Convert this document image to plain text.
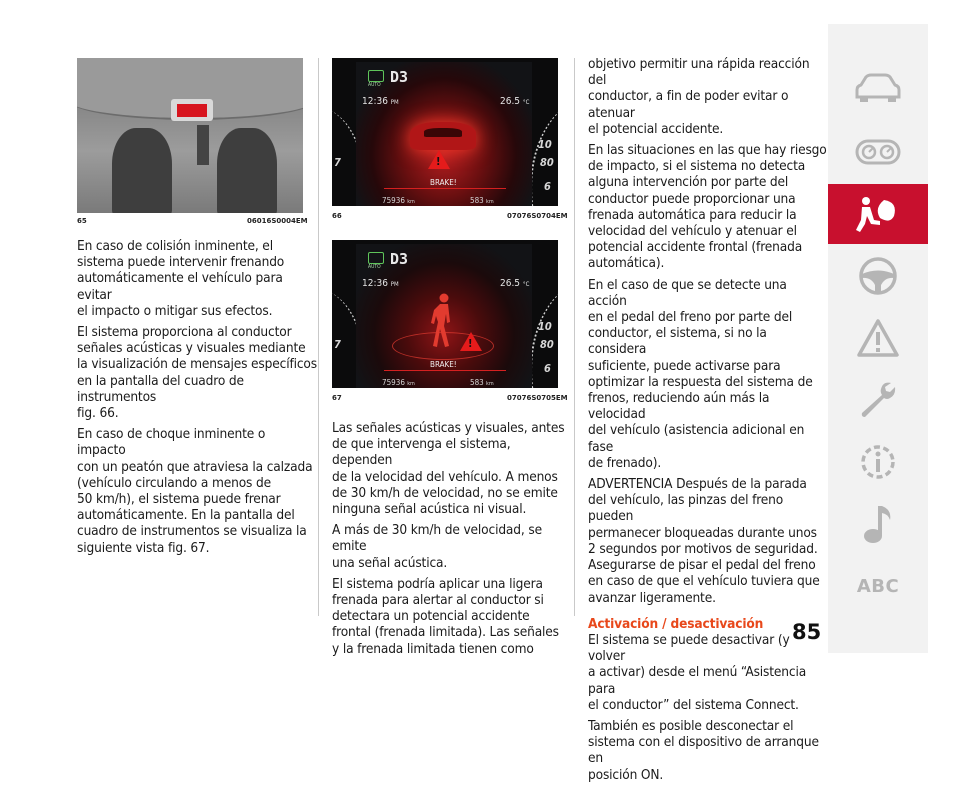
65	06016S0004EM

En caso de colisión inminente, el
sistema puede intervenir frenando
automáticamente el vehículo para evitar
el impacto o mitigar sus efectos.

El sistema proporciona al conductor
señales acústicas y visuales mediante
la visualización de mensajes específicos
en la pantalla del cuadro de instrumentos
fig. 66.

En caso de choque inminente o impacto
con un peatón que atraviesa la calzada
(vehículo circulando a menos de
50 km/h), el sistema puede frenar
automáticamente. En la pantalla del
cuadro de instrumentos se visualiza la
siguiente vista fig. 67.

AUTO D3
12:36 PM	26.5 °C
!
BRAKE!
75936 km	583 km
7
10
80
6
66	07076S0704EM
AUTO D3
12:36 PM	26.5 °C
!
BRAKE!
75936 km	583 km
7
10
80
6
67	07076S0705EM

Las señales acústicas y visuales, antes
de que intervenga el sistema, dependen
de la velocidad del vehículo. A menos
de 30 km/h de velocidad, no se emite
ninguna señal acústica ni visual.

A más de 30 km/h de velocidad, se emite
una señal acústica.

El sistema podría aplicar una ligera
frenada para alertar al conductor si
detectara un potencial accidente
frontal (frenada limitada). Las señales
y la frenada limitada tienen como

objetivo permitir una rápida reacción del
conductor, a fin de poder evitar o atenuar
el potencial accidente.

En las situaciones en las que hay riesgo
de impacto, si el sistema no detecta
alguna intervención por parte del
conductor puede proporcionar una
frenada automática para reducir la
velocidad del vehículo y atenuar el
potencial accidente frontal (frenada
automática).

En el caso de que se detecte una acción
en el pedal del freno por parte del
conductor, el sistema, si no la considera
suficiente, puede activarse para
optimizar la respuesta del sistema de
frenos, reduciendo aún más la velocidad
del vehículo (asistencia adicional en fase
de frenado).

ADVERTENCIA Después de la parada
del vehículo, las pinzas del freno pueden
permanecer bloqueadas durante unos
2 segundos por motivos de seguridad.
Asegurarse de pisar el pedal del freno
en caso de que el vehículo tuviera que
avanzar ligeramente.

Activación / desactivación

El sistema se puede desactivar (y volver
a activar) desde el menú “Asistencia para
el conductor” del sistema Connect.

También es posible desconectar el
sistema con el dispositivo de arranque en
posición ON.

ABC
85
